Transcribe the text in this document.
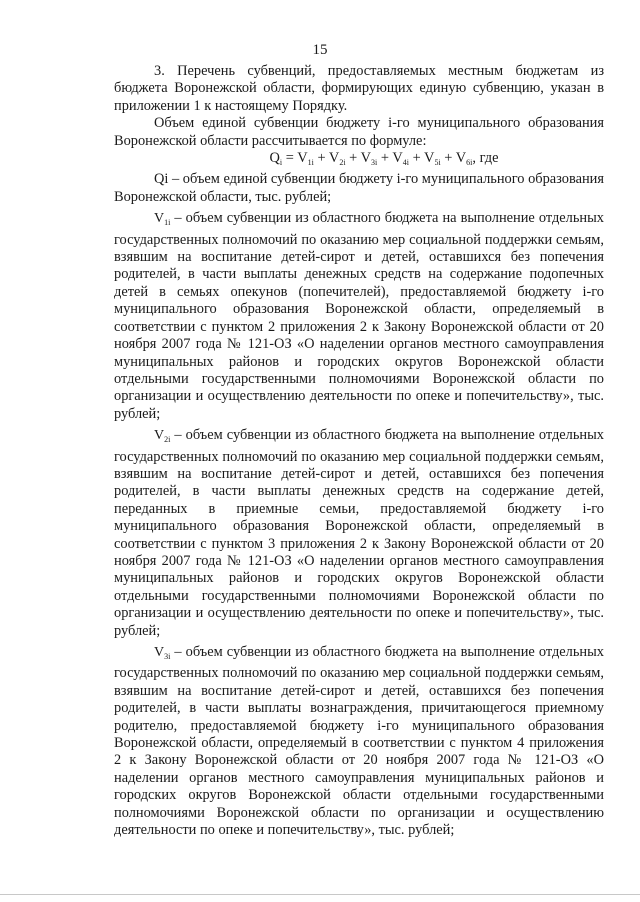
15

3. Перечень субвенций, предоставляемых местным бюджетам из бюджета Воронежской области, формирующих единую субвенцию, указан в приложении 1 к настоящему Порядку.

Объем единой субвенции бюджету i-го муниципального образования Воронежской области рассчитывается по формуле:

$Q_i = V_{1i} + V_{2i} + V_{3i} + V_{4i} + V_{5i} + V_{6i}$, где

Qi – объем единой субвенции бюджету i-го муниципального образования Воронежской области, тыс. рублей;

$V_{1i}$ – объем субвенции из областного бюджета на выполнение отдельных государственных полномочий по оказанию мер социальной поддержки семьям, взявшим на воспитание детей-сирот и детей, оставшихся без попечения родителей, в части выплаты денежных средств на содержание подопечных детей в семьях опекунов (попечителей), предоставляемой бюджету i-го муниципального образования Воронежской области, определяемый в соответствии с пунктом 2 приложения 2 к Закону Воронежской области от 20 ноября 2007 года № 121-ОЗ «О наделении органов местного самоуправления муниципальных районов и городских округов Воронежской области отдельными государственными полномочиями Воронежской области по организации и осуществлению деятельности по опеке и попечительству», тыс. рублей;

$V_{2i}$ – объем субвенции из областного бюджета на выполнение отдельных государственных полномочий по оказанию мер социальной поддержки семьям, взявшим на воспитание детей-сирот и детей, оставшихся без попечения родителей, в части выплаты денежных средств на содержание детей, переданных в приемные семьи, предоставляемой бюджету i-го муниципального образования Воронежской области, определяемый в соответствии с пунктом 3 приложения 2 к Закону Воронежской области от 20 ноября 2007 года № 121-ОЗ «О наделении органов местного самоуправления муниципальных районов и городских округов Воронежской области отдельными государственными полномочиями Воронежской области по организации и осуществлению деятельности по опеке и попечительству», тыс. рублей;

$V_{3i}$ – объем субвенции из областного бюджета на выполнение отдельных государственных полномочий по оказанию мер социальной поддержки семьям, взявшим на воспитание детей-сирот и детей, оставшихся без попечения родителей, в части выплаты вознаграждения, причитающегося приемному родителю, предоставляемой бюджету i-го муниципального образования Воронежской области, определяемый в соответствии с пунктом 4 приложения 2 к Закону Воронежской области от 20 ноября 2007 года № 121-ОЗ «О наделении органов местного самоуправления муниципальных районов и городских округов Воронежской области отдельными государственными полномочиями Воронежской области по организации и осуществлению деятельности по опеке и попечительству», тыс. рублей;
